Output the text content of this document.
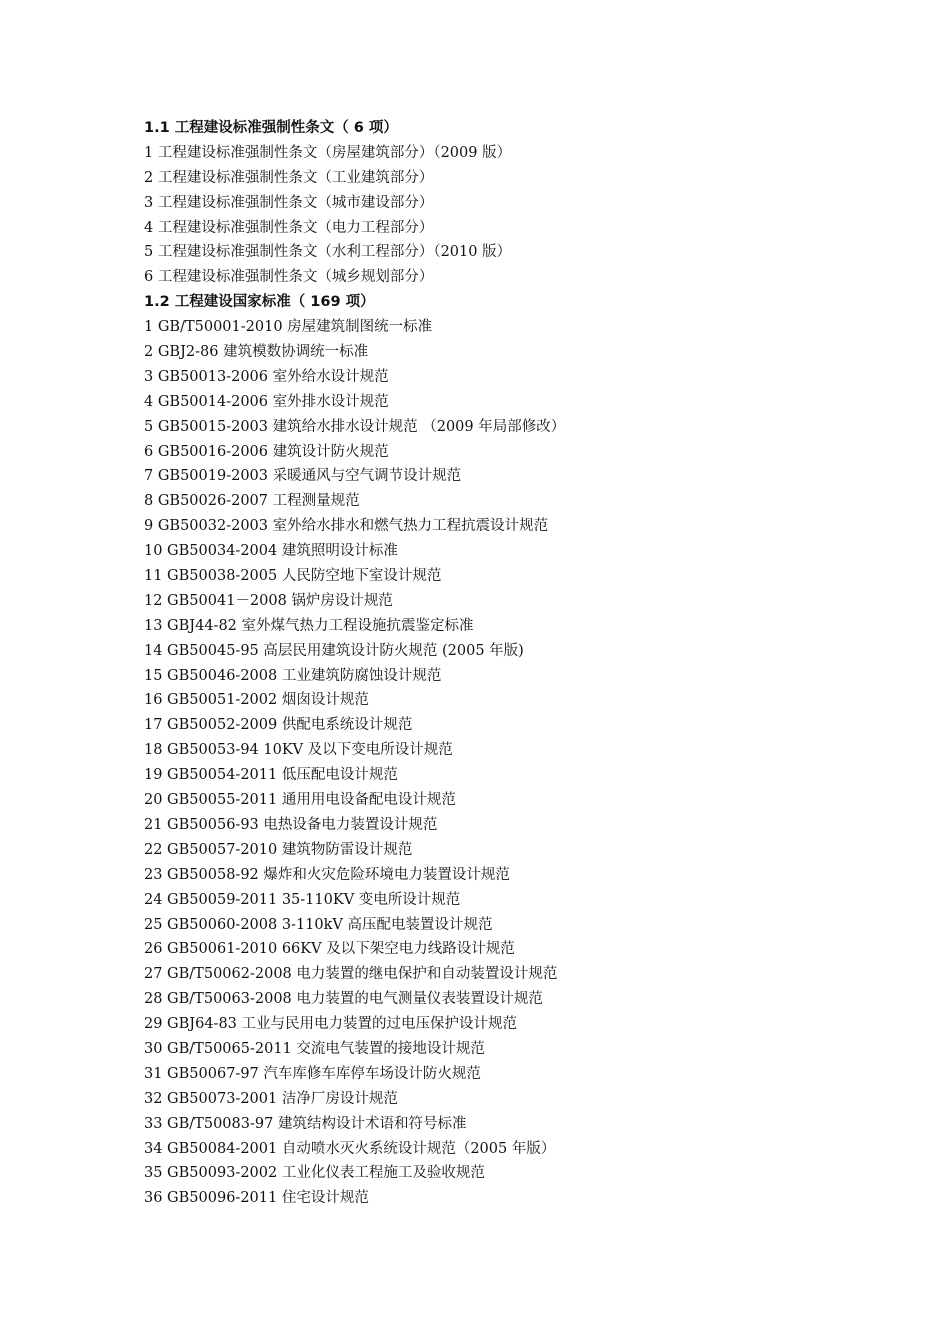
1.1 工程建设标准强制性条文（ 6 项）
1 工程建设标准强制性条文（房屋建筑部分）（2009 版）
2 工程建设标准强制性条文（工业建筑部分）
3 工程建设标准强制性条文（城市建设部分）
4 工程建设标准强制性条文（电力工程部分）
5 工程建设标准强制性条文（水利工程部分）（2010 版）
6 工程建设标准强制性条文（城乡规划部分）
1.2 工程建设国家标准（ 169 项）
1 GB/T50001-2010 房屋建筑制图统一标准
2 GBJ2-86 建筑模数协调统一标准
3 GB50013-2006 室外给水设计规范
4 GB50014-2006 室外排水设计规范
5 GB50015-2003 建筑给水排水设计规范 （2009 年局部修改）
6 GB50016-2006 建筑设计防火规范
7 GB50019-2003 采暖通风与空气调节设计规范
8 GB50026-2007 工程测量规范
9 GB50032-2003 室外给水排水和燃气热力工程抗震设计规范
10 GB50034-2004 建筑照明设计标准
11 GB50038-2005 人民防空地下室设计规范
12 GB50041－2008 锅炉房设计规范
13 GBJ44-82 室外煤气热力工程设施抗震鉴定标准
14 GB50045-95 高层民用建筑设计防火规范 (2005 年版)
15 GB50046-2008 工业建筑防腐蚀设计规范
16 GB50051-2002 烟囱设计规范
17 GB50052-2009 供配电系统设计规范
18 GB50053-94 10KV 及以下变电所设计规范
19 GB50054-2011 低压配电设计规范
20 GB50055-2011 通用用电设备配电设计规范
21 GB50056-93 电热设备电力装置设计规范
22 GB50057-2010 建筑物防雷设计规范
23 GB50058-92 爆炸和火灾危险环境电力装置设计规范
24 GB50059-2011 35-110KV 变电所设计规范
25 GB50060-2008 3-110kV 高压配电装置设计规范
26 GB50061-2010 66KV 及以下架空电力线路设计规范
27 GB/T50062-2008 电力装置的继电保护和自动装置设计规范
28 GB/T50063-2008 电力装置的电气测量仪表装置设计规范
29 GBJ64-83 工业与民用电力装置的过电压保护设计规范
30 GB/T50065-2011 交流电气装置的接地设计规范
31 GB50067-97 汽车库修车库停车场设计防火规范
32 GB50073-2001 洁净厂房设计规范
33 GB/T50083-97 建筑结构设计术语和符号标准
34 GB50084-2001 自动喷水灭火系统设计规范（2005 年版）
35 GB50093-2002 工业化仪表工程施工及验收规范
36 GB50096-2011 住宅设计规范
